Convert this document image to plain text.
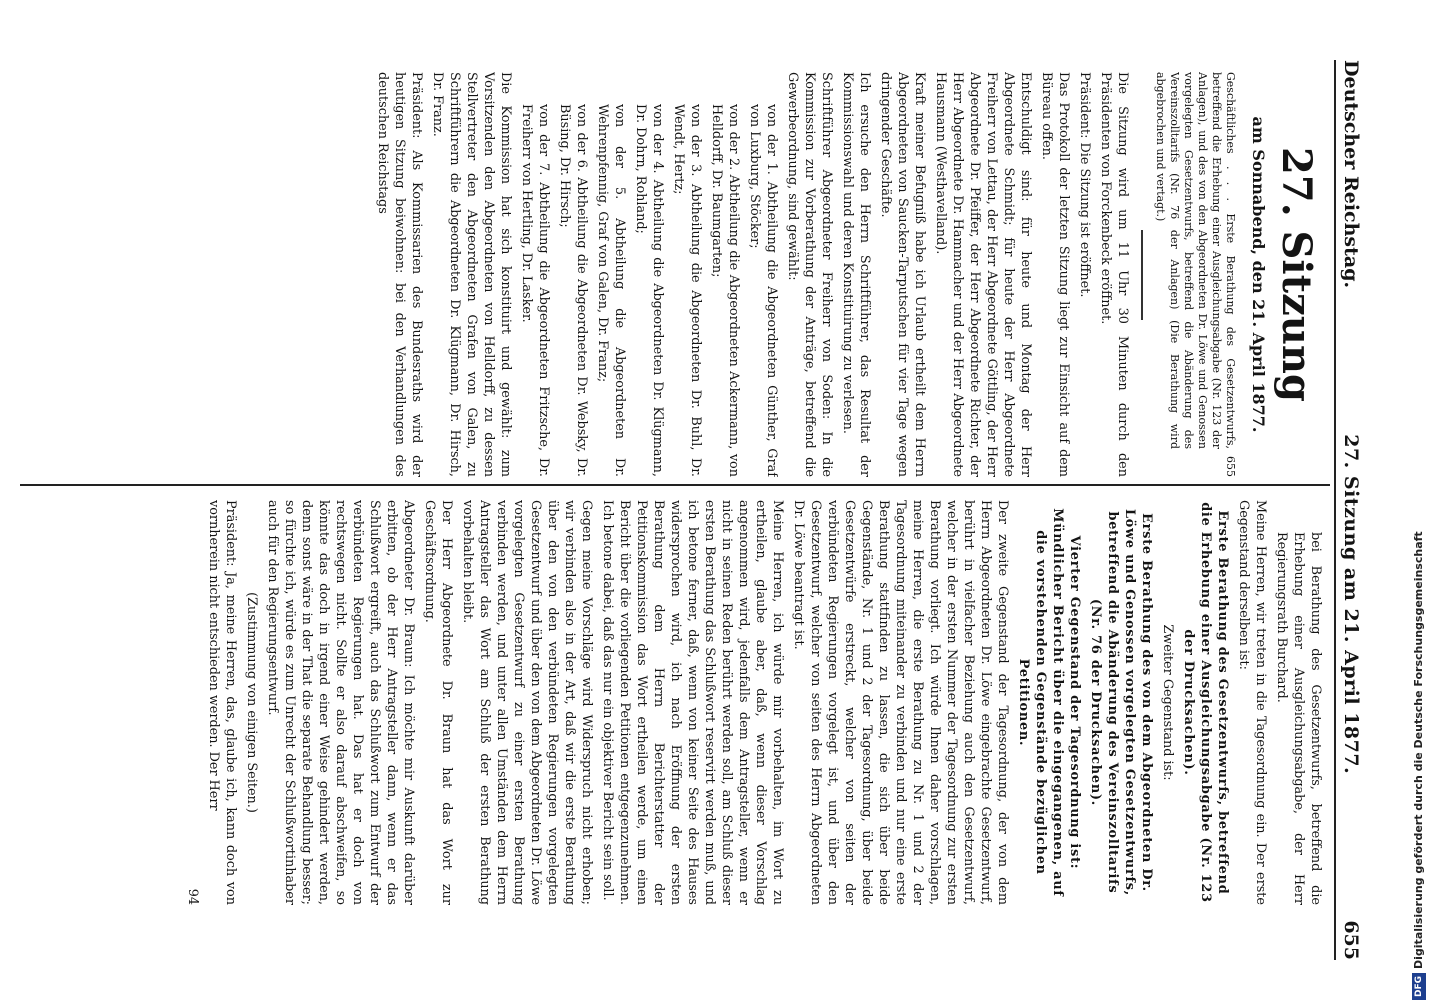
Deutscher Reichstag.
27. Sitzung am 21. April 1877.
655
27. Sitzung
am Sonnabend, den 21. April 1877.

Geschäftliches . . . Erste Berathung des Gesetzentwurfs, betreffend die Erhebung einer Ausgleichungsabgabe (Nr. 123 der Anlagen), und des von den Abgeordneten Dr. Löwe und Genossen vorgelegten Gesetzentwurfs, betreffend die Abänderung des Vereinszolltarifs (Nr. 76 der Anlagen) (Die Berathung wird abgebrochen und vertagt.)
655

Die Sitzung wird um 11 Uhr 30 Minuten durch den Präsidenten von Forckenbeck eröffnet.

Präsident: Die Sitzung ist eröffnet.

Das Protokoll der letzten Sitzung liegt zur Einsicht auf dem Büreau offen.

Entschuldigt sind: für heute und Montag der Herr Abgeordnete Schmidt; für heute der Herr Abgeordnete Freiherr von Lettau, der Herr Abgeordnete Göttling, der Herr Abgeordnete Dr. Pfeiffer, der Herr Abgeordnete Richter, der Herr Abgeordnete Dr. Hammacher und der Herr Abgeordnete Hausmann (Westhavelland).

Kraft meiner Befugniß habe ich Urlaub ertheilt dem Herrn Abgeordneten von Saucken-Tarputschen für vier Tage wegen dringender Geschäfte.

Ich ersuche den Herrn Schriftführer, das Resultat der Kommissionswahl und deren Konstituirung zu verlesen.

Schriftführer Abgeordneter Freiherr von Soden: In die Kommission zur Vorberathung der Anträge, betreffend die Gewerbeordnung, sind gewählt:

von der 1. Abtheilung die Abgeordneten Günther, Graf von Luxburg, Stöcker;

von der 2. Abtheilung die Abgeordneten Ackermann, von Helldorff, Dr. Baumgarten;

von der 3. Abtheilung die Abgeordneten Dr. Buhl, Dr. Wendt, Hertz;

von der 4. Abtheilung die Abgeordneten Dr. Klügmann, Dr. Dohrn, Rohland;

von der 5. Abtheilung die Abgeordneten Dr. Wehrenpfennig, Graf von Galen, Dr. Franz;

von der 6. Abtheilung die Abgeordneten Dr. Websky, Dr. Büsing, Dr. Hirsch;

von der 7. Abtheilung die Abgeordneten Fritzsche, Dr. Freiherr von Hertling, Dr. Lasker.

Die Kommission hat sich konstituirt und gewählt: zum Vorsitzenden den Abgeordneten von Helldorff, zu dessen Stellvertreter den Abgeordneten Grafen von Galen, zu Schriftführern die Abgeordneten Dr. Klügmann, Dr. Hirsch, Dr. Franz.

Präsident: Als Kommissarien des Bundesraths wird der heutigen Sitzung beiwohnen: bei den Verhandlungen des deutschen Reichstags

bei Berathung des Gesetzentwurfs, betreffend die Erhebung einer Ausgleichungsabgabe, der Herr Regierungsrath Burchard.

Meine Herren, wir treten in die Tagesordnung ein. Der erste Gegenstand derselben ist:

Erste Berathung des Gesetzentwurfs, betreffend die Erhebung einer Ausgleichungsabgabe (Nr. 123 der Drucksachen).

Zweiter Gegenstand ist:

Erste Berathung des von dem Abgeordneten Dr. Löwe und Genossen vorgelegten Gesetzentwurfs, betreffend die Abänderung des Vereinszolltarifs (Nr. 76 der Drucksachen).

Vierter Gegenstand der Tagesordnung ist: Mündlicher Bericht über die eingegangenen, auf die vorstehenden Gegenstände bezüglichen Petitionen.

Der zweite Gegenstand der Tagesordnung, der von dem Herrn Abgeordneten Dr. Löwe eingebrachte Gesetzentwurf, berührt in vielfacher Beziehung auch den Gesetzentwurf, welcher in der ersten Nummer der Tagesordnung zur ersten Berathung vorliegt. Ich würde Ihnen daher vorschlagen, meine Herren, die erste Berathung zu Nr. 1 und 2 der Tagesordnung miteinander zu verbinden und nur eine erste Berathung stattfinden zu lassen, die sich über beide Gegenstände, Nr. 1 und 2 der Tagesordnung, über beide Gesetzentwürfe erstreckt, welcher von seiten der verbündeten Regierungen vorgelegt ist, und über den Gesetzentwurf, welcher von seiten des Herrn Abgeordneten Dr. Löwe beantragt ist.

Meine Herren, ich würde mir vorbehalten, im Wort zu ertheilen, glaube aber, daß, wenn dieser Vorschlag angenommen wird, jedenfalls dem Antragsteller, wenn er nicht in seinen Reden berührt werden soll, am Schluß dieser ersten Berathung das Schlußwort reservirt werden muß, und ich betone ferner, daß, wenn von keiner Seite des Hauses widersprochen wird, ich nach Eröffnung der ersten Berathung dem Herrn Berichterstatter der Petitionskommission das Wort ertheilen werde, um einen Bericht über die vorliegenden Petitionen entgegenzunehmen. Ich betone dabei, daß das nur ein objektiver Bericht sein soll.

Gegen meine Vorschläge wird Widerspruch nicht erhoben; wir verbinden also in der Art, daß wir die erste Berathung über den von den verbündeten Regierungen vorgelegten Gesetzentwurf und über den von dem Abgeordneten Dr. Löwe vorgelegten Gesetzentwurf zu einer ersten Berathung verbinden werden, und unter allen Umständen dem Herrn Antragsteller das Wort am Schluß der ersten Berathung vorbehalten bleibt.

Der Herr Abgeordnete Dr. Braun hat das Wort zur Geschäftsordnung.

Abgeordneter Dr. Braun: Ich möchte mir Auskunft darüber erbitten, ob der Herr Antragsteller dann, wenn er das Schlußwort ergreift, auch das Schlußwort zum Entwurf der verbündeten Regierungen hat. Das hat er doch von rechtswegen nicht. Sollte er also darauf abschweifen, so könnte das doch in irgend einer Weise gehindert werden, denn sonst wäre in der That die separate Behandlung besser; so fürchte ich, würde es zum Unrecht der Schlußwortinhaber auch für den Regierungsentwurf.

(Zustimmung von einigen Seiten.)

Präsident: Ja, meine Herren, das, glaube ich, kann doch von vornherein nicht entschieden werden. Der Herr

94

DFG
Digitalisierung gefördert durch die Deutsche Forschungsgemeinschaft
